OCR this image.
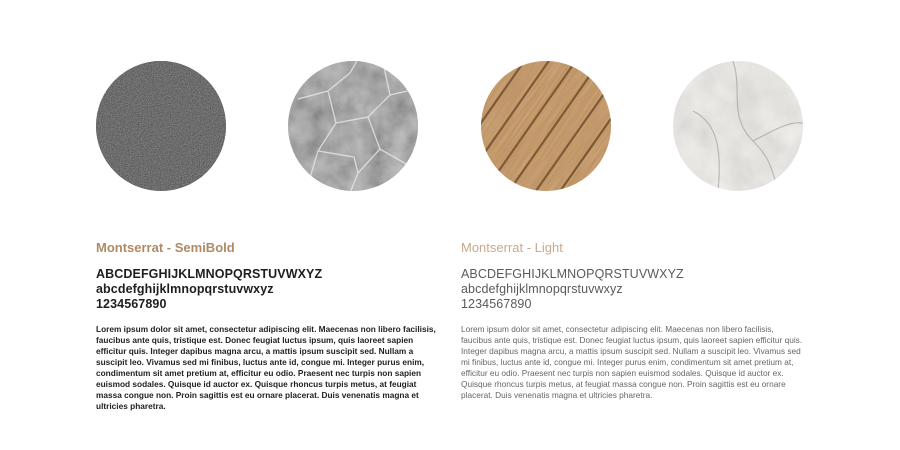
Montserrat - SemiBold
ABCDEFGHIJKLMNOPQRSTUVWXYZ
abcdefghijklmnopqrstuvwxyz
1234567890

Lorem ipsum dolor sit amet, consectetur adipiscing elit. Maecenas non libero facilisis, faucibus ante quis, tristique est. Donec feugiat luctus ipsum, quis laoreet sapien efficitur quis. Integer dapibus magna arcu, a mattis ipsum suscipit sed. Nullam a suscipit leo. Vivamus sed mi finibus, luctus ante id, congue mi. Integer purus enim, condimentum sit amet pretium at, efficitur eu odio. Praesent nec turpis non sapien euismod sodales. Quisque id auctor ex. Quisque rhoncus turpis metus, at feugiat massa congue non. Proin sagittis est eu ornare placerat. Duis venenatis magna et ultricies pharetra.

Montserrat - Light
ABCDEFGHIJKLMNOPQRSTUVWXYZ
abcdefghijklmnopqrstuvwxyz
1234567890

Lorem ipsum dolor sit amet, consectetur adipiscing elit. Maecenas non libero facilisis, faucibus ante quis, tristique est. Donec feugiat luctus ipsum, quis laoreet sapien efficitur quis. Integer dapibus magna arcu, a mattis ipsum suscipit sed. Nullam a suscipit leo. Vivamus sed mi finibus, luctus ante id, congue mi. Integer purus enim, condimentum sit amet pretium at, efficitur eu odio. Praesent nec turpis non sapien euismod sodales. Quisque id auctor ex. Quisque rhoncus turpis metus, at feugiat massa congue non. Proin sagittis est eu ornare placerat. Duis venenatis magna et ultricies pharetra.
